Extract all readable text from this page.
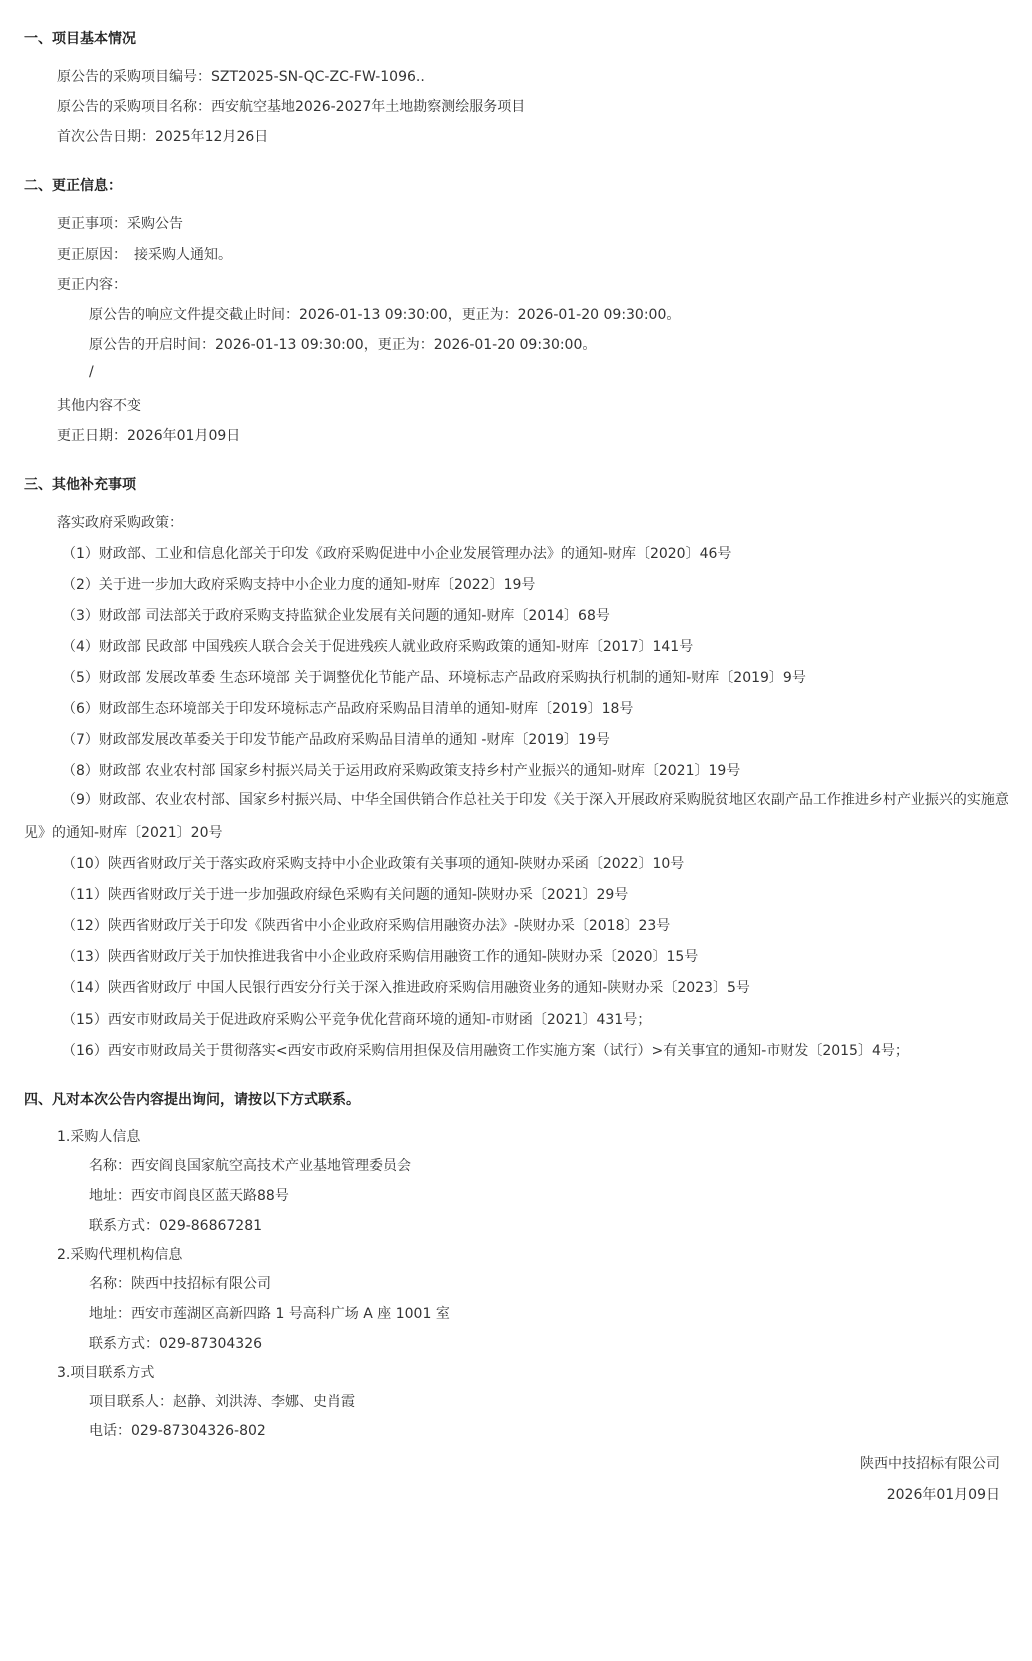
一、项目基本情况
原公告的采购项目编号：SZT2025-SN-QC-ZC-FW-1096..
原公告的采购项目名称：西安航空基地2026-2027年土地勘察测绘服务项目
首次公告日期：2025年12月26日
二、更正信息：
更正事项：采购公告
更正原因：　接采购人通知。
更正内容：
原公告的响应文件提交截止时间：2026-01-13 09:30:00，更正为：2026-01-20 09:30:00。
原公告的开启时间：2026-01-13 09:30:00，更正为：2026-01-20 09:30:00。
/
其他内容不变
更正日期：2026年01月09日
三、其他补充事项
落实政府采购政策：
（1）财政部、工业和信息化部关于印发《政府采购促进中小企业发展管理办法》的通知-财库〔2020〕46号
（2）关于进一步加大政府采购支持中小企业力度的通知-财库〔2022〕19号
（3）财政部 司法部关于政府采购支持监狱企业发展有关问题的通知-财库〔2014〕68号
（4）财政部 民政部 中国残疾人联合会关于促进残疾人就业政府采购政策的通知-财库〔2017〕141号
（5）财政部 发展改革委 生态环境部 关于调整优化节能产品、环境标志产品政府采购执行机制的通知-财库〔2019〕9号
（6）财政部生态环境部关于印发环境标志产品政府采购品目清单的通知-财库〔2019〕18号
（7）财政部发展改革委关于印发节能产品政府采购品目清单的通知 -财库〔2019〕19号
（8）财政部 农业农村部 国家乡村振兴局关于运用政府采购政策支持乡村产业振兴的通知-财库〔2021〕19号
（9）财政部、农业农村部、国家乡村振兴局、中华全国供销合作总社关于印发《关于深入开展政府采购脱贫地区农副产品工作推进乡村产业振兴的实施意见》的通知-财库〔2021〕20号
（10）陕西省财政厅关于落实政府采购支持中小企业政策有关事项的通知-陕财办采函〔2022〕10号
（11）陕西省财政厅关于进一步加强政府绿色采购有关问题的通知-陕财办采〔2021〕29号
（12）陕西省财政厅关于印发《陕西省中小企业政府采购信用融资办法》-陕财办采〔2018〕23号
（13）陕西省财政厅关于加快推进我省中小企业政府采购信用融资工作的通知-陕财办采〔2020〕15号
（14）陕西省财政厅 中国人民银行西安分行关于深入推进政府采购信用融资业务的通知-陕财办采〔2023〕5号
（15）西安市财政局关于促进政府采购公平竞争优化营商环境的通知-市财函〔2021〕431号；
（16）西安市财政局关于贯彻落实<西安市政府采购信用担保及信用融资工作实施方案（试行）>有关事宜的通知-市财发〔2015〕4号；
四、凡对本次公告内容提出询问，请按以下方式联系。
1.采购人信息
名称：西安阎良国家航空高技术产业基地管理委员会
地址：西安市阎良区蓝天路88号
联系方式：029-86867281
2.采购代理机构信息
名称：陕西中技招标有限公司
地址：西安市莲湖区高新四路 1 号高科广场 A 座 1001 室
联系方式：029-87304326
3.项目联系方式
项目联系人：赵静、刘洪涛、李娜、史肖霞
电话：029-87304326-802
陕西中技招标有限公司
2026年01月09日
